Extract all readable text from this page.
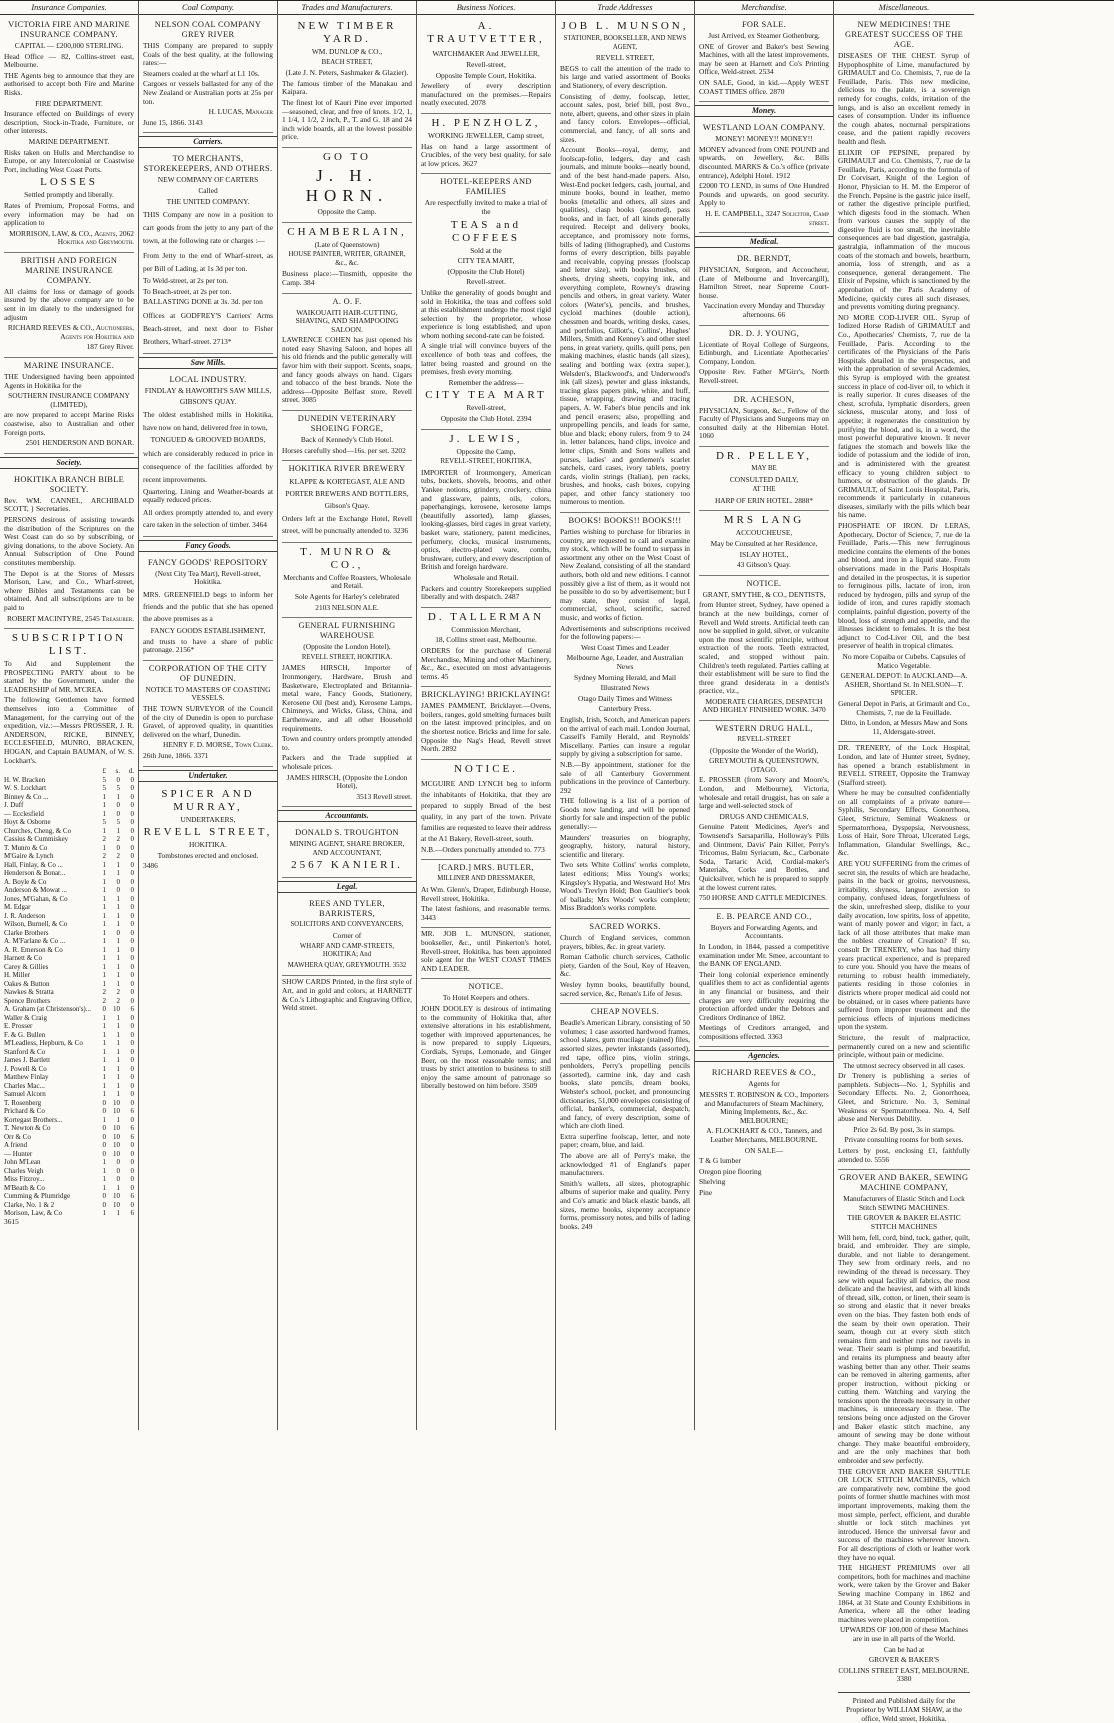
Insurance Companies.
VICTORIA FIRE AND MARINE INSURANCE COMPANY.

CAPITAL — £200,000 STERLING.

Head Office — 82, Collins-street east, Melbourne.

THE Agents beg to announce that they are authorised to accept both Fire and Marine Risks.

FIRE DEPARTMENT.

Insurance effected on Buildings of every description, Stock-in-Trade, Furniture, or other interests.

MARINE DEPARTMENT.

Risks taken on Hulls and Merchandise to Europe, or any Intercolonial or Coastwise Port, including West Coast Ports.

LOSSES

Settled promptly and liberally.

Rates of Premium, Proposal Forms, and every information may be had on application to

MORRISON, LAW, & CO., Agents, 2062 Hokitika and Greymouth.

BRITISH AND FOREIGN MARINE INSURANCE COMPANY.

All claims for loss or damage of goods insured by the above company are to be sent in im diately to the undersigned for adjustm

RICHARD REEVES & CO., Auctioneers, Agents for Hokitika and

187 Grey River.

MARINE INSURANCE.

THE Undersigned having been appointed Agents in Hokitika for the

SOUTHERN INSURANCE COMPANY (LIMITED),

are now prepared to accept Marine Risks coastwise, also to Australian and other Foreign ports.

2501 HENDERSON AND BONAR.

Society.
HOKITIKA BRANCH BIBLE SOCIETY.

Rev. WM. CANNEL, ARCHIBALD SCOTT, } Secretaries.

PERSONS desirous of assisting towards the distribution of the Scriptures on the West Coast can do so by subscribing, or giving donations, to the above Society. An Annual Subscription of One Pound constitutes membership.

The Depot is at the Stores of Messrs Morison, Law, and Co., Wharf-street, where Bibles and Testaments can be obtained. And all subscriptions are to be paid to

ROBERT MACINTYRE, 2545 Treasurer.

SUBSCRIPTION LIST.

To Aid and Supplement the PROSPECTING PARTY about to be started by the Government, under the LEADERSHIP of MR. M'CREA.

The following Gentlemen have formed themselves into a Committee of Management, for the carrying out of the expedition, viz.:—Messrs PROSSER, J. R. ANDERSON, RICKE, BINNEY, ECCLESFIELD, MUNRO, BRACKEN, HOGAN, and Captain BAUMAN, of W. S. Lockhart's.

	£	s.	d.
H. W. Bracken	5	0	0
W. S. Lockhart	5	5	0
Binney & Co ...	1	1	0
J. Duff	1	0	0
— Ecclesfield	1	0	0
Hoyt & Osborne	5	5	0
Churches, Cheng, & Co	1	1	0
Cassius & Cummiskey	2	2	0
T. Munro & Co	1	0	0
M'Gaire & Lynch	2	2	0
Hall, Finlay, & Co ...	1	1	0
Henderson & Bonar...	1	1	0
A. Boyle & Co	1	0	0
Anderson & Mowat ...	1	0	0
Jones, M'Gahan, & Co	1	1	0
M. Edgar	1	1	0
J. R. Anderson	1	1	0
Wilson, Burnell, & Co	1	1	0
Clarke Brothers	1	0	0
A. M'Farlane & Co ...	1	1	0
A. R. Emerson & Co	1	1	0
Harnett & Co	1	1	0
Carey & Gillies	1	1	0
H. Miller	1	1	0
Oakes & Button	1	1	0
Nawkes & Stratta	2	2	0
Spence Brothers	2	2	0
A. Graham (at Christenson's)...	0	10	6
Waller & Craig	1	1	0
E. Prosser	1	1	0
F. & G. Bullen	1	1	0
M'Leadless, Hepburn, & Co	1	1	0
Stanford & Co	1	1	0
James J. Bartlett	1	1	0
J. Powell & Co	1	1	0
Matthew Finlay	1	1	0
Charles Mac...	1	1	0
Samuel Alcorn	1	1	0
T. Rosenberg	0	10	0
Prichard & Co	0	10	6
Kortegast Brothers...	1	1	0
T. Newton & Co	0	10	6
Orr & Co	0	10	6
A friend	0	10	0
— Hunter	0	10	0
John M'Lean	1	0	0
Charles Veigh	1	0	0
Miss Fitzroy...	1	0	0
M'Beath & Co	1	1	0
Cumming & Plumridge	0	10	6
Clarke, No. 1 & 2	0	10	0
Morison, Law, & Co	1	1	6

3615

Coal Company.
NELSON COAL COMPANY GREY RIVER

THIS Company are prepared to supply Coals of the best quality, at the following rates:—

Steamers coaled at the wharf at L1 10s.

Cargoes or vessels ballasted for any of the New Zealand or Australian ports at 25s per ton.

H. LUCAS, Manager

June 15, 1866. 3143

Carriers.
TO MERCHANTS, STOREKEEPERS, AND OTHERS.

NEW COMPANY OF CARTERS

Called

THE UNITED COMPANY.

THIS Company are now in a position to cart goods from the jetty to any part of the town, at the following rate or charges :—

From Jetty to the end of Wharf-street, as per Bill of Lading, at 1s 3d per ton.

To Weld-street, at 2s per ton.

To Beach-street, at 2s per ton.

BALLASTING DONE at 3s. 3d. per ton

Offices at GODFREY'S Carriers' Arms Beach-street, and next door to Fisher Brothers, Wharf-street. 2713*

Saw Mills.
LOCAL INDUSTRY.

FINDLAY & HAWORTH'S SAW MILLS,

GIBSON'S QUAY.

The oldest established mills in Hokitika, have now on hand, delivered free in town,

TONGUED & GROOVED BOARDS,

which are considerably reduced in price in consequence of the facilities afforded by recent improvements.

Quartering, Lining and Weather-boards at equally reduced prices.

All orders promptly attended to, and every care taken in the selection of timber. 3464

Fancy Goods.
FANCY GOODS' REPOSITORY

(Next City Tea Mart), Revell-street, Hokitika.

MRS. GREENFIELD begs to inform her friends and the public that she has opened the above premises as a

FANCY GOODS ESTABLISHMENT,

and trusts to have a share of public patronage. 2156*

CORPORATION OF THE CITY OF DUNEDIN.

NOTICE TO MASTERS OF COASTING VESSELS.

THE TOWN SURVEYOR of the Council of the city of Dunedin is open to purchase Gravel, of approved quality, in quantities delivered on the wharf, Dunedin.

HENRY F. D. MORSE, Town Clerk.

26th June, 1866. 3371

Undertaker.
SPICER AND MURRAY,

UNDERTAKERS,

REVELL STREET,

HOKITIKA.

Tombstones erected and enclosed.

3486

Trades and Manufacturers.
NEW TIMBER YARD.

WM. DUNLOP & CO.,

BEACH STREET,

(Late J. N. Peters, Sashmaker & Glazier).

The famous timber of the Manakau and Kaipara.

The finest lot of Kauri Pine ever imported—seasoned, clear, and free of knots. 1/2, 1, 1 1/4, 1 1/2, 2 inch, P., T. and G. 18 and 24 inch wide boards, all at the lowest possible price.

GO TO

J. H. HORN.

Opposite the Camp.

CHAMBERLAIN,

(Late of Queenstown)

HOUSE PAINTER, WRITER, GRAINER, &c., &c.

Business place:—Tinsmith, opposite the Camp. 384

A. O. F.

WAIKOUAITI HAIR-CUTTING, SHAVING, AND SHAMPOOING SALOON.

LAWRENCE COHEN has just opened his noted easy Shaving Saloon, and hopes all his old friends and the public generally will favor him with their support. Scents, soaps, and fancy goods always on hand. Cigars and tobacco of the best brands. Note the address—Opposite Belfast store, Revell street. 3085

DUNEDIN VETERINARY SHOEING FORGE,

Back of Kennedy's Club Hotel.

Horses carefully shod—16s. per set. 3202

HOKITIKA RIVER BREWERY

KLAPPE & KORTEGAST, ALE AND PORTER BREWERS AND BOTTLERS,

Gibson's Quay.

Orders left at the Exchange Hotel, Revell street, will be punctually attended to. 3236

T. MUNRO & CO.,

Merchants and Coffee Roasters, Wholesale and Retail.

Sole Agents for Harley's celebrated

2103 NELSON ALE.

GENERAL FURNISHING WAREHOUSE

(Opposite the London Hotel),

REVELL STREET, HOKITIKA.

JAMES HIRSCH, Importer of Ironmongery, Hardware, Brush and Basketware, Electroplated and Britannia-metal ware, Fancy Goods, Stationery, Kerosene Oil (best and), Kerosene Lamps, Chimneys, and Wicks, Glass, China, and Earthenware, and all other Household requirements.

Town and country orders promptly attended to.

Packers and the Trade supplied at wholesale prices.

JAMES HIRSCH, (Opposite the London Hotel),

3513 Revell street.

Accountants.
DONALD S. TROUGHTON

MINING AGENT, SHARE BROKER, AND ACCOUNTANT,

2567 KANIERI.

Legal.
REES AND TYLER, BARRISTERS,

SOLICITORS AND CONVEYANCERS,

Corner of

WHARF AND CAMP-STREETS, HOKITIKA; And

MAWHERA QUAY, GREYMOUTH. 3532

SHOW CARDS Printed, in the first style of Art, and in gold and colors, at HARNETT & Co.'s Lithographic and Engraving Office, Weld street.

Business Notices.
A. TRAUTVETTER,

WATCHMAKER And JEWELLER,

Revell-street,

Opposite Temple Court, Hokitika.

Jewellery of every description manufactured on the premises.—Repairs neatly executed. 2078

H. PENZHOLZ,

WORKING JEWELLER, Camp street,

Has on hand a large assortment of Crucibles, of the very best quality, for sale at low prices. 3627

HOTEL-KEEPERS AND FAMILIES

Are respectfully invited to make a trial of the

TEAS and COFFEES

Sold at the

CITY TEA MART,

(Opposite the Club Hotel)

Revell-street.

Unlike the generality of goods bought and sold in Hokitika, the teas and coffees sold at this establishment undergo the most rigid selection by the proprietor, whose experience is long established, and upon whom nothing second-rate can be foisted.

A single trial will convince buyers of the excellence of both teas and coffees, the latter being roasted and ground on the premises, fresh every morning.

Remember the address—

CITY TEA MART

Revell-street,

Opposite the Club Hotel. 2394

J. LEWIS,

Opposite the Camp,

REVELL-STREET, HOKITIKA,

IMPORTER of Ironmongery, American tubs, buckets, shovels, brooms, and other Yankee notions, grindery, crockery, china and glassware, paints, oils, colors, paperhangings, kerosene, kerosene lamps (beautifully assorted), lamp glasses, looking-glasses, bird cages in great variety, basket ware, stationery, patent medicines, perfumery, clocks, musical instruments, optics, electro-plated ware, combs, brushware, cutlery, and every description of British and foreign hardware.

Wholesale and Retail.

Packers and country Storekeepers supplied liberally and with despatch. 2487

D. TALLERMAN

Commission Merchant,

18, Collins street east, Melbourne.

ORDERS for the purchase of General Merchandise, Mining and other Machinery, &c., &c., executed on most advantageous terms. 45

BRICKLAYING! BRICKLAYING!

JAMES PAMMENT, Bricklayer.—Ovens, boilers, ranges, gold smelting furnaces built on the latest improved principles, and on the shortest notice. Bricks and lime for sale. Opposite the Nag's Head, Revell street North. 2892

NOTICE.

MCGUIRE AND LYNCH beg to inform the inhabitants of Hokitika, that they are prepared to supply Bread of the best quality, in any part of the town. Private families are requested to leave their address at the A1 Bakery, Revell-street, south.

N.B.—Orders punctually attended to. 773

[CARD.] MRS. BUTLER,

MILLINER AND DRESSMAKER,

At Wm. Glenn's, Draper, Edinburgh House, Revell street, Hokitika.

The latest fashions, and reasonable terms. 3443

MR. JOB L. MUNSON, stationer, bookseller, &c., until Pinkerton's hotel, Revell-street, Hokitika, has been appointed sole agent for the WEST COAST TIMES AND LEADER.

NOTICE.

To Hotel Keepers and others.

JOHN DOOLEY is desirous of intimating to the community of Hokitika that, after extensive alterations in his establishment, together with improved appurtenances, he is now prepared to supply Liqueurs, Cordials, Syrups, Lemonade, and Ginger Beer, on the most reasonable terms; and trusts by strict attention to business to still enjoy the same amount of patronage so liberally bestowed on him before. 3509

Trade Addresses
JOB L. MUNSON,

STATIONER, BOOKSELLER, AND NEWS AGENT,

REVELL STREET,

BEGS to call the attention of the trade to his large and varied assortment of Books and Stationery, of every description.

Consisting of demy, foolscap, letter, account sales, post, brief bill, post 8vo., note, albert, queens, and other sizes in plain and fancy colors. Envelopes—official, commercial, and fancy, of all sorts and sizes.

Account Books—royal, demy, and foolscap-folio, ledgers, day and cash journals, and minute books—neatly bound, and of the best hand-made papers. Also, West-End pocket ledgers, cash, journal, and minute books, bound in leather, memo books (metallic and others, all sizes and qualities), clasp books (assorted), pass books, and in fact, of all kinds generally required. Receipt and delivery books, acceptance, and promissory note forms, bills of lading (lithographed), and Customs forms of every description, bills payable and receivable, copying presses (foolscap and letter size), with books brushes, oil sheets, drying sheets, copying ink, and everything complete, Rowney's drawing pencils and others, in great variety. Water colors (Water's), pencils, and brushes, cycloid machines (double action), chessmen and boards, writing desks, cases, and portfolios, Gillott's, Collins', Hughes' Millers, Smith and Kenney's and other steel pens, in great variety, quills, quill pens, pen making machines, elastic bands (all sizes), sealing and bottling wax (extra super.), Welsden's, Blackwood's, and Underwood's ink (all sizes), pewter and glass inkstands, tracing glass papers pink, white, and buff, tissue, wrapping, drawing and tracing papers, A. W. Faber's blue pencils and ink and pencil erasers; also, propelling and unpropelling pencils, and leads for same, blue and black; ebony rulers, from 9 to 24 in. letter balances, hand clips, invoice and letter clips, Smith and Sons wallets and purses, ladies' and gentlemen's scarlet satchels, card cases, ivory tablets, poetry cards, violin strings (Italian), pen racks, brushes, and hooks, cash boxes, copying paper, and other fancy stationery too numerous to mention.

BOOKS! BOOKS!! BOOKS!!!

Parties wishing to purchase for libraries in country, are requested to call and examine my stock, which will be found to surpass in assortment any other on the West Coast of New Zealand, consisting of all the standard authors, both old and new editions. I cannot possibly give a list of them, as it would not be possible to do so by advertisement; but I may state, they consist of legal, commercial, school, scientific, sacred music, and works of fiction.

Advertisements and subscriptions received for the following papers:—

West Coast Times and Leader

Melbourne Age, Leader, and Australian News

Sydney Morning Herald, and Mail

Illustrated News

Otago Daily Times and Witness

Canterbury Press.

English, Irish, Scotch, and American papers on the arrival of each mail. London Journal, Cassell's Family Herald, and Reynolds' Miscellany. Parties can insure a regular supply by giving a subscription for same.

N.B.—By appointment, stationer for the sale of all Canterbury Government publications in the province of Canterbury. 292

THE following is a list of a portion of Goods now landing, and will be opened shortly for sale and inspection of the public generally:—

Maunders' treasuries on biography, geography, history, natural history, scientific and literary.

Two sets White Collins' works complete, latest editions; Miss Young's works; Kingsley's Hypatia, and Westward Ho! Mrs Wood's Trevlyn Hold; Bon Gaultier's book of ballads; Mrs Woods' works complete; Miss Braddon's works complete.

SACRED WORKS.

Church of England services, common prayers, bibles, &c. in great variety.

Roman Catholic church services, Catholic piety, Garden of the Soul, Key of Heaven, &c.

Wesley hymn books, beautifully bound, sacred service, &c, Renan's Life of Jesus.

CHEAP NOVELS.

Beadle's American Library, consisting of 50 volumes; 1 case assorted hardwood frames, school slates, gum mucilage (stained) files, assorted sizes, pewter inkstands (assorted), red tape, office pins, violin strings, penholders, Perry's propelling pencils (assorted), carmine ink, day and cash books, slate pencils, dream books, Webster's school, pocket, and pronouncing dictionaries, 51,000 envelopes consisting of official, banker's, commercial, despatch, and fancy, of every description, some of which are cloth lined.

Extra superfine foolscap, letter, and note paper; cream, blue, and laid.

The above are all of Perry's make, the acknowledged #1 of England's paper manufacturers.

Smith's wallets, all sizes, photographic albums of superior make and quality. Perry and Co's amatic and black elastic bands, all sizes, memo books, sixpenny acceptance forms, promissory notes, and bills of lading books. 249

Merchandise.
FOR SALE.

Just Arrived, ex Steamer Gothenburg,

ONE of Grover and Baker's best Sewing Machines, with all the latest improvements, may be seen at Harnett and Co's Printing Office, Weld-street. 2534

ON SALE, Good, in kid.—Apply WEST COAST TIMES office. 2870

Money.
WESTLAND LOAN COMPANY.

MONEY! MONEY!! MONEY!!

MONEY advanced from ONE POUND and upwards, on Jewellery, &c. Bills discounted. MARKS & Co.'s office (private entrance), Adelphi Hotel. 1912

£2000 TO LEND, in sums of One Hundred Pounds and upwards, on good security. Apply to

H. E. CAMPBELL, 3247 Solicitor, Camp street.

Medical.
DR. BERNDT,

PHYSICIAN, Surgeon, and Accoucheur, (Late of Melbourne and Invercargill), Hamilton Street, near Supreme Court-house.

Vaccination every Monday and Thursday afternoons. 66

DR. D. J. YOUNG,

Licentiate of Royal College of Surgeons, Edinburgh, and Licentiate Apothecaries' Company, London.

Opposite Rev. Father M'Girr's, North Revell-street.

DR. ACHESON,

PHYSICIAN, Surgeon, &c., Fellow of the Faculty of Physicians and Surgeons may on consulted daily at the Hibernian Hotel. 1060

DR. PELLEY,

MAY BE

CONSULTED DAILY,

AT THE

HARP OF ERIN HOTEL. 2888*

MRS LANG

ACCOUCHEUSE,

May be Consulted at her Residence,

ISLAY HOTEL,

43 Gibson's Quay.

NOTICE.

GRANT, SMYTHE, & CO., DENTISTS,

from Hunter street, Sydney, have opened a branch at the new buildings, corner of Revell and Weld streets. Artificial teeth can now be supplied in gold, silver, or vulcanite upon the most scientific principle, without extraction of the roots. Teeth extracted, scaled, and stopped without pain. Children's teeth regulated. Parties calling at their establishment will be sure to find the three grand desiderata in a dentist's practice, viz.,

MODERATE CHARGES, DESPATCH AND HIGHLY FINISHED WORK. 3470

WESTERN DRUG HALL,

REVELL-STREET

(Opposite the Wonder of the World),

GREYMOUTH & QUEENSTOWN, OTAGO.

E. PROSSER (from Savory and Moore's, London, and Melbourne), Victoria, wholesale and retail druggist, has on sale a large and well-selected stock of

DRUGS AND CHEMICALS,

Genuine Patent Medicines, Ayer's and Townsend's Sarsaparilla, Holloway's Pills and Ointment, Davis' Pain Killer, Perry's Tricomus, Balm Syriacum, &c., Carbonate Soda, Tartaric Acid, Cordial-maker's Materials, Corks and Bottles, and Quicksilver, which he is prepared to supply at the lowest current rates.

750 HORSE AND CATTLE MEDICINES.

E. B. PEARCE AND CO.,

Buyers and Forwarding Agents, and Accountants.

In London, in 1844, passed a competitive examination under Mr. Smee, accountant to the BANK OF ENGLAND.

Their long colonial experience eminently qualifies them to act as confidential agents in any financial or business, and their charges are very difficulty requiring the protection afforded under the Debtors and Creditors Ordinance of 1862.

Meetings of Creditors arranged, and compositions effected. 3363

Agencies.
RICHARD REEVES & CO.,

Agents for

MESSRS T. ROBINSON & CO., Importers and Manufacturers of Steam Machinery, Mining Implements, &c., &c. MELBOURNE;

A. FLOCKHART & CO., Tanners, and Leather Merchants, MELBOURNE.

ON SALE—

T & G lumber

Oregon pine flooring

Shelving

Pine

Miscellaneous.
NEW MEDICINES! THE GREATEST SUCCESS OF THE AGE.

DISEASES OF THE CHEST. Syrup of Hypophosphite of Lime, manufactured by GRIMAULT and Co. Chemists, 7, rue de la Feuillade, Paris. This new medicine, delicious to the palate, is a sovereign remedy for coughs, colds, irritation of the lungs, and is also an excellent remedy in cases of consumption. Under its influence the cough abates, nocturnal perspirations cease, and the patient rapidly recovers health and flesh.

ELIXIR OF PEPSINE, prepared by GRIMAULT and Co. Chemists, 7, rue de la Feuillade, Paris, according to the formula of Dr Corvisart, Knight of the Legion of Honor, Physician to H. M. the Emperor of the French. Pepsine is the gastric juice itself, or rather the digestive principle purified, which digests food in the stomach. When from various causes the supply of the digestive fluid is too small, the inevitable consequences are bad digestion, gastralgia, gastralgia, inflammation of the mucous coats of the stomach and bowels, heartburn, anomia, loss of strength, and as a consequence, general derangement. The Elixir of Pepsine, which is sanctioned by the approbation of the Paris Academy of Medicine, quickly cures all such diseases, and prevents vomiting during pregnancy.

NO MORE COD-LIVER OIL. Syrup of Iodized Horse Radish of GRIMAULT and Co., Apothecaries' Chemists, 7, rue de la Feuillade, Paris. According to the certificates of the Physicians of the Paris Hospitals detailed in the prospectus, and with the approbation of several Academies, this Syrup is employed with the greatest success in place of cod-liver oil, to which it is really superior. It cures diseases of the chest, scrofula, lymphatic disorders, green sickness, muscular atony, and loss of appetite; it regenerates the constitution by purifying the blood, and is, in a word, the most powerful depurative known. It never fatigues the stomach and bowels like the iodide of potassium and the iodide of iron, and is administered with the greatest efficacy to young children subject to humors, or obstruction of the glands. Dr GRIMAULT, of Saint Louis Hospital, Paris, recommends it particularly in cutaneous diseases, similarly with the pills which bear his name.

PHOSPHATE OF IRON. Dr LERAS, Apothecary, Doctor of Science, 7, rue de la Feuillade, Paris.—This new ferruginous medicine contains the elements of the bones and blood, and iron in a liquid state. From observations made in the Paris Hospitals and detailed in the prospectus, it is superior to ferruginous pills, lactate of iron, iron reduced by hydrogen, pills and syrup of the iodide of iron, and cures rapidly stomach complaints, painful digestion, poverty of the blood, loss of strength and appetite, and the illnesses incident to females. It is the best adjunct to Cod-Liver Oil, and the best preserver of health in tropical climates.

No more Copaiba or Cubebs. Capsules of Matico Vegetable.

GENERAL DEPOT: In AUCKLAND—A. ASHER, Shortland St. In NELSON—T. SPICER.

General Depot in Paris, at Grimault and Co., Chemists, 7, rue de la Feuillade.

Ditto, in London, at Messrs Maw and Sons 11, Aldersgate-street.

DR. TRENERY, of the Lock Hospital, London, and late of Hunter street, Sydney, has opened a branch establishment in REVELL STREET, Opposite the Tramway (Stafford street).

Where he may be consulted confidentially on all complaints of a private nature—Syphilis, Secondary Effects, Gonorrhoea, Gleet, Stricture, Seminal Weakness or Spermatorrhoea, Dyspepsia, Nervousness, Loss of Hair, Sore Throat, Ulcerated Legs, Inflammation, Glandular Swellings, &c., &c.

ARE YOU SUFFERING from the crimes of secret sin, the results of which are headache, pains in the back or groins, nervousness, irritability, shyness, languor aversion to company, confused ideas, forgetfulness of the skin, unrefreshed sleep, dislike to your daily avocation, low spirits, loss of appetite, want of manly power and vigor; in fact, a lack of all those attributes that make man the noblest creature of Creation? If so, consult Dr TRENERY, who has had thirty years practical experience, and is prepared to cure you. Should you have the means of returning to robust health immediately, patients residing in those colonies in districts where proper medical aid could not be obtained, or in cases where patients have suffered from improper treatment and the pernicious effects of injurious medicines upon the system.

Stricture, the result of malpractice, permanently cured on a new and scientific principle, without pain or medicine.

The utmost secrecy observed in all cases.

Dr Trenery is publishing a series of pamphlets. Subjects—No. 1, Syphilis and Secondary Effects. No. 2, Gonorrhoea, Gleet, and Stricture. No. 3, Seminal Weakness or Spermatorrhoea. No. 4, Self abuse and Nervous Debility.

Price 2s 6d. By post, 3s in stamps.

Private consulting rooms for both sexes.

Letters by post, enclosing £1, faithfully attended to. 5556

GROVER AND BAKER, SEWING MACHINE COMPANY,

Manufacturers of Elastic Stitch and Lock Stitch SEWING MACHINES.

THE GROVER & BAKER ELASTIC STITCH MACHINES

Will hem, fell, cord, bind, tuck, gather, quilt, braid, and embroider. They are simple, durable, and not liable to derangement. They sew from ordinary reels, and no rewinding of the thread is necessary. They sew with equal facility all fabrics, the most delicate and the heaviest, and with all kinds of thread, silk, cotton, or linen, their seam is so strong and elastic that it never breaks even on the bias. They fasten both ends of the seam by their own operation. Their seam, though cut at every sixth stitch remains firm and neither runs nor ravels in wear. Their seam is plump and beautiful, and retains its plumpness and beauty after washing better than any other. Their seams can be removed in altering garments, after proper instruction, without picking or cutting them. Watching and varying the tensions upon the threads necessary in other machines, is unnecessary in these. The tensions being once adjusted on the Grover and Baker elastic stitch machine, any amount of sewing may be done without change. They make beautiful embroidery, and are the only machines that both embroider and sew perfectly.

THE GROVER AND BAKER SHUTTLE OR LOCK STITCH MACHINES, which are comparatively new, combine the good points of former shuttle machines with most important improvements, making them the most simple, perfect, efficient, and durable shuttle or lock stitch machines yet introduced. Hence the universal favor and success of the machines wherever known. For all descriptions of cloth or leather work they have no equal.

THE HIGHEST PREMIUMS over all competitors, both for machines and machine work, were taken by the Grover and Baker Sewing machine Company in 1862 and 1864, at 31 State and County Exhibitions in America, where all the other leading machines were placed in competition.

UPWARDS OF 100,000 of these Machines are in use in all parts of the World.

Can be had at

GROVER & BAKER'S

COLLINS STREET EAST, MELBOURNE. 3380

Printed and Published daily for the Proprietor by WILLIAM SHAW, at the office, Weld street, Hokitika.
